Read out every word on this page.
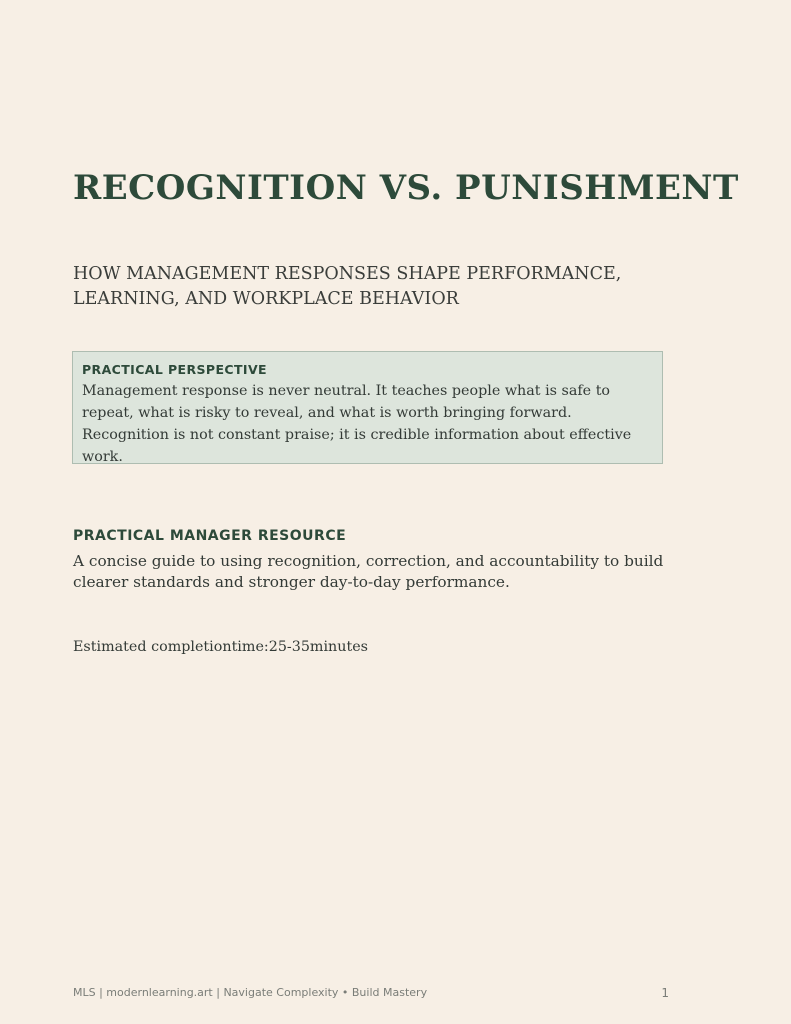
RECOGNITION VS. PUNISHMENT
HOW MANAGEMENT RESPONSES SHAPE PERFORMANCE, LEARNING, AND WORKPLACE BEHAVIOR
PRACTICAL PERSPECTIVE

Management response is never neutral. It teaches people what is safe to repeat, what is risky to reveal, and what is worth bringing forward. Recognition is not constant praise; it is credible information about effective work.

PRACTICAL MANAGER RESOURCE

A concise guide to using recognition, correction, and accountability to build clearer standards and stronger day-to-day performance.

Estimated completiontime:25-35minutes

MLS | modernlearning.art | Navigate Complexity • Build Mastery	1
